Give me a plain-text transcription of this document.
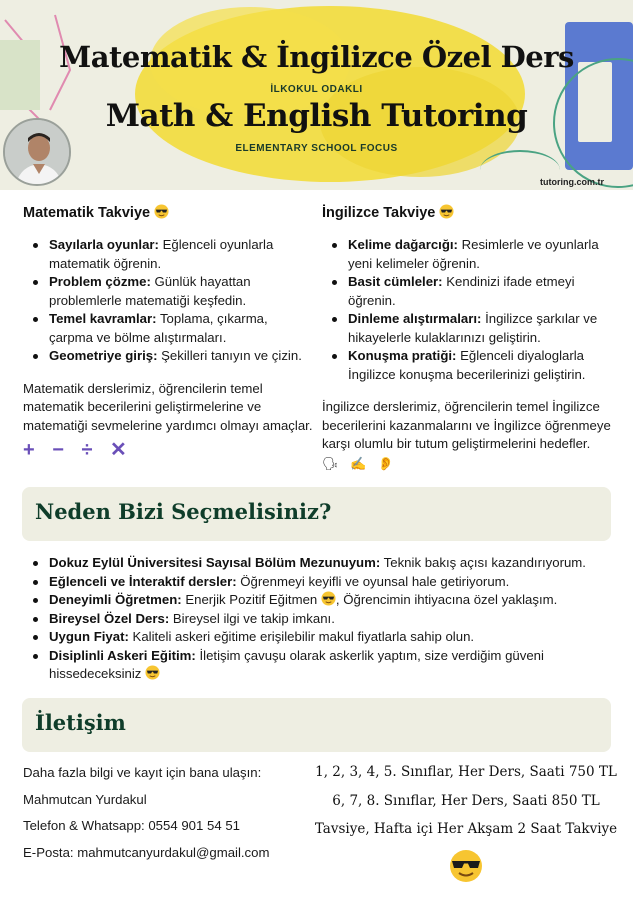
Matematik & İngilizce Özel Ders
İLKOKUL ODAKLI
Math & English Tutoring
ELEMENTARY SCHOOL FOCUS
tutoring.com.tr
Matematik Takviye
Sayılarla oyunlar: Eğlenceli oyunlarla matematik öğrenin.
Problem çözme: Günlük hayattan problemlerle matematiği keşfedin.
Temel kavramlar: Toplama, çıkarma, çarpma ve bölme alıştırmaları.
Geometriye giriş: Şekilleri tanıyın ve çizin.

Matematik derslerimiz, öğrencilerin temel matematik becerilerini geliştirmelerine ve matematiği sevmelerine yardımcı olmayı amaçlar.

+ − ÷ ✕
İngilizce Takviye
Kelime dağarcığı: Resimlerle ve oyunlarla yeni kelimeler öğrenin.
Basit cümleler: Kendinizi ifade etmeyi öğrenin.
Dinleme alıştırmaları: İngilizce şarkılar ve hikayelerle kulaklarınızı geliştirin.
Konuşma pratiği: Eğlenceli diyaloglarla İngilizce konuşma becerilerinizi geliştirin.

İngilizce derslerimiz, öğrencilerin temel İngilizce becerilerini kazanmalarını ve İngilizce öğrenmeye karşı olumlu bir tutum geliştirmelerini hedefler.

🗣 ✍ 👂
Neden Bizi Seçmelisiniz?
Dokuz Eylül Üniversitesi Sayısal Bölüm Mezunuyum: Teknik bakış açısı kazandırıyorum.
Eğlenceli ve İnteraktif dersler: Öğrenmeyi keyifli ve oyunsal hale getiriyorum.
Deneyimli Öğretmen: Enerjik Pozitif Eğitmen , Öğrencimin ihtiyacına özel yaklaşım.
Bireysel Özel Ders: Bireysel ilgi ve takip imkanı.
Uygun Fiyat: Kaliteli askeri eğitime erişilebilir makul fiyatlarla sahip olun.
Disiplinli Askeri Eğitim: İletişim çavuşu olarak askerlik yaptım, size verdiğim güveni hissedeceksiniz
İletişim
Daha fazla bilgi ve kayıt için bana ulaşın:
Mahmutcan Yurdakul
Telefon & Whatsapp: 0554 901 54 51
E-Posta: mahmutcanyurdakul@gmail.com
1, 2, 3, 4, 5. Sınıflar, Her Ders, Saati 750 TL
6, 7, 8. Sınıflar, Her Ders, Saati 850 TL
Tavsiye, Hafta içi Her Akşam 2 Saat Takviye
